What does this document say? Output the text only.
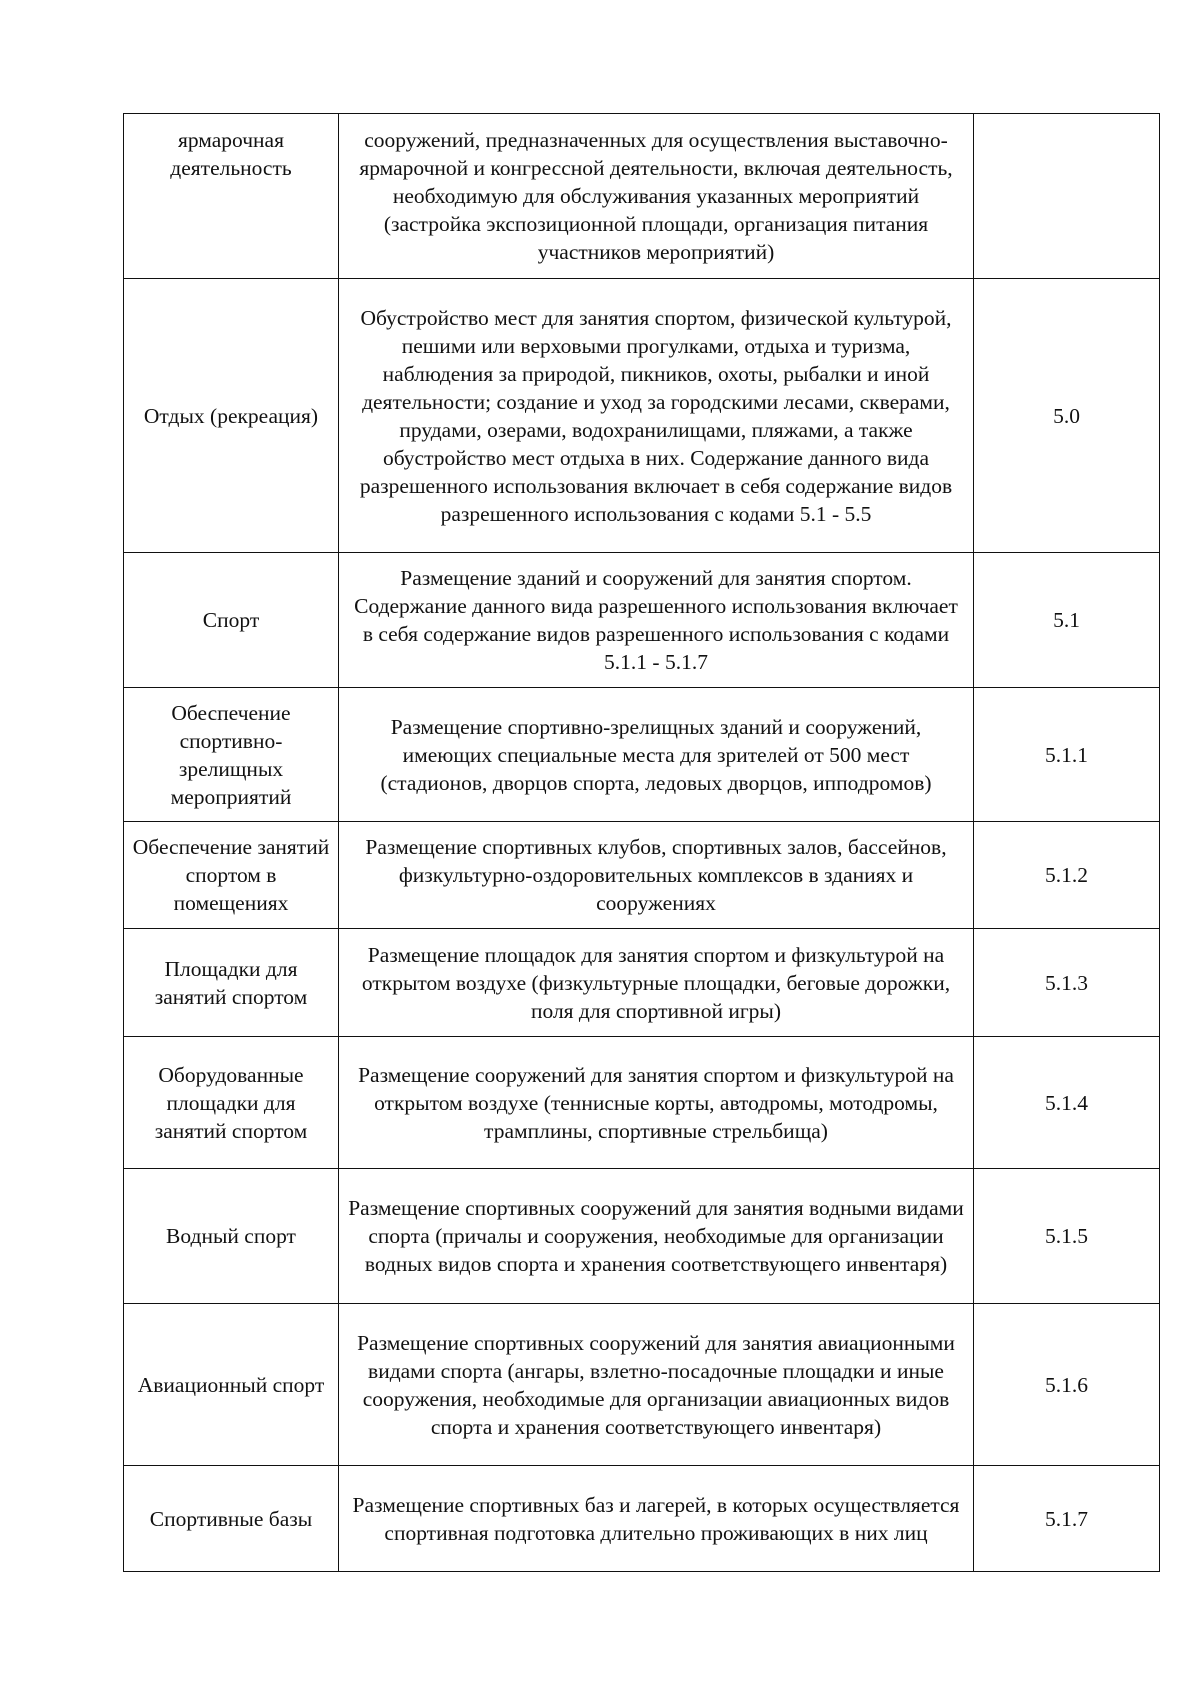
ярмарочная деятельность	сооружений, предназначенных для осуществления выставочно-ярмарочной и конгрессной деятельности, включая деятельность, необходимую для обслуживания указанных мероприятий (застройка экспозиционной площади, организация питания участников мероприятий)	
Отдых (рекреация)	Обустройство мест для занятия спортом, физической культурой, пешими или верховыми прогулками, отдыха и туризма, наблюдения за природой, пикников, охоты, рыбалки и иной деятельности; создание и уход за городскими лесами, скверами, прудами, озерами, водохранилищами, пляжами, а также обустройство мест отдыха в них. Содержание данного вида разрешенного использования включает в себя содержание видов разрешенного использования с кодами 5.1 - 5.5	5.0
Спорт	Размещение зданий и сооружений для занятия спортом. Содержание данного вида разрешенного использования включает в себя содержание видов разрешенного использования с кодами 5.1.1 - 5.1.7	5.1
Обеспечение спортивно-зрелищных мероприятий	Размещение спортивно-зрелищных зданий и сооружений, имеющих специальные места для зрителей от 500 мест (стадионов, дворцов спорта, ледовых дворцов, ипподромов)	5.1.1
Обеспечение занятий спортом в помещениях	Размещение спортивных клубов, спортивных залов, бассейнов, физкультурно-оздоровительных комплексов в зданиях и сооружениях	5.1.2
Площадки для занятий спортом	Размещение площадок для занятия спортом и физкультурой на открытом воздухе (физкультурные площадки, беговые дорожки, поля для спортивной игры)	5.1.3
Оборудованные площадки для занятий спортом	Размещение сооружений для занятия спортом и физкультурой на открытом воздухе (теннисные корты, автодромы, мотодромы, трамплины, спортивные стрельбища)	5.1.4
Водный спорт	Размещение спортивных сооружений для занятия водными видами спорта (причалы и сооружения, необходимые для организации водных видов спорта и хранения соответствующего инвентаря)	5.1.5
Авиационный спорт	Размещение спортивных сооружений для занятия авиационными видами спорта (ангары, взлетно-посадочные площадки и иные сооружения, необходимые для организации авиационных видов спорта и хранения соответствующего инвентаря)	5.1.6
Спортивные базы	Размещение спортивных баз и лагерей, в которых осуществляется спортивная подготовка длительно проживающих в них лиц	5.1.7
